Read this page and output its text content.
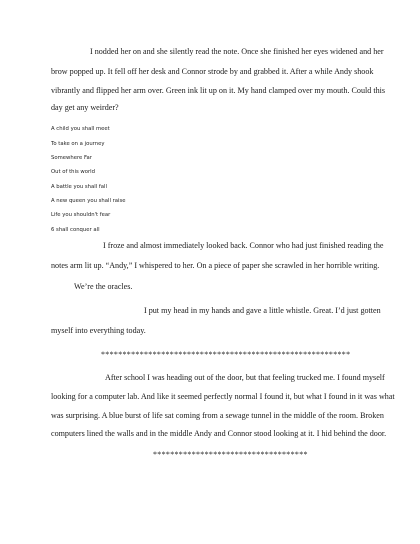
I nodded her on and she silently read the note. Once she finished her eyes widened and her

brow popped up. It fell off her desk and Connor strode by and grabbed it. After a while Andy shook

vibrantly and flipped her arm over. Green ink lit up on it. My hand clamped over my mouth. Could this

day get any weirder?

A child you shall meet

To take on a journey

Somewhere Far

Out of this world

A battle you shall fall

A new queen you shall raise

Life you shouldn't fear

6 shall conquer all

I froze and almost immediately looked back. Connor who had just finished reading the

notes arm lit up. “Andy,” I whispered to her. On a piece of paper she scrawled in her horrible writing.

We’re the oracles.

I put my head in my hands and gave a little whistle. Great. I’d just gotten

myself into everything today.

**********************************************************

After school I was heading out of the door, but that feeling trucked me. I found myself

looking for a computer lab. And like it seemed perfectly normal I found it, but what I found in it was what

was surprising. A blue burst of life sat coming from a sewage tunnel in the middle of the room. Broken

computers lined the walls and in the middle Andy and Connor stood looking at it. I hid behind the door.

************************************
